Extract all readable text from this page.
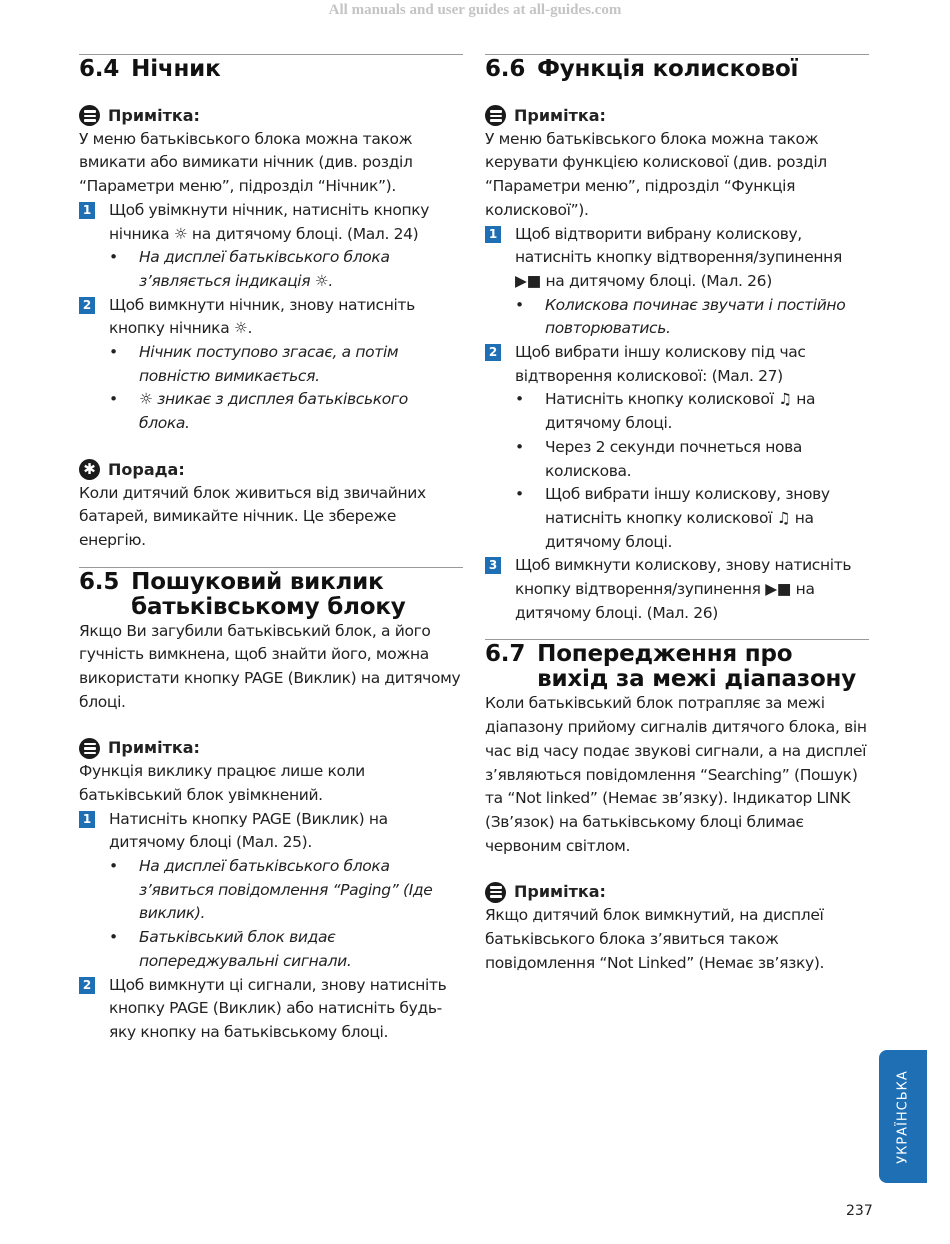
All manuals and user guides at all-guides.com
6.4 Нічник
Примітка:

У меню батьківського блока можна також вмикати або вимикати нічник (див. розділ “Параметри меню”, підрозділ “Нічник”).

1 Щоб увімкнути нічник, натисніть кнопку нічника ☼ на дитячому блоці. (Мал. 24)

•	На дисплеї батьківського блока з’являється індикація ☼.
2 Щоб вимкнути нічник, знову натисніть кнопку нічника ☼.

•	Нічник поступово згасає, а потім повністю вимикається.
•	☼ зникає з дисплея батьківського блока.
✱ Порада:

Коли дитячий блок живиться від звичайних батарей, вимикайте нічник. Це збереже енергію.

6.5 Пошуковий виклик батьківському блоку

Якщо Ви загубили батьківський блок, а його гучність вимкнена, щоб знайти його, можна використати кнопку PAGE (Виклик) на дитячому блоці.

Примітка:

Функція виклику працює лише коли батьківський блок увімкнений.

1 Натисніть кнопку PAGE (Виклик) на дитячому блоці (Мал. 25).

•	На дисплеї батьківського блока з’явиться повідомлення “Paging” (Іде виклик).
•	Батьківський блок видає попереджувальні сигнали.
2 Щоб вимкнути ці сигнали, знову натисніть кнопку PAGE (Виклик) або натисніть будь-яку кнопку на батьківському блоці.

6.6 Функція колискової
Примітка:

У меню батьківського блока можна також керувати функцією колискової (див. розділ “Параметри меню”, підрозділ “Функція колискової”).

1 Щоб відтворити вибрану колискову, натисніть кнопку відтворення/зупинення ▶■ на дитячому блоці. (Мал. 26)

•	Колискова починає звучати і постійно повторюватись.
2 Щоб вибрати іншу колискову під час відтворення колискової: (Мал. 27)

•	Натисніть кнопку колискової ♫ на дитячому блоці.
•	Через 2 секунди почнеться нова колискова.
•	Щоб вибрати іншу колискову, знову натисніть кнопку колискової ♫ на дитячому блоці.
3 Щоб вимкнути колискову, знову натисніть кнопку відтворення/зупинення ▶■ на дитячому блоці. (Мал. 26)

6.7 Попередження про вихід за межі діапазону

Коли батьківський блок потрапляє за межі діапазону прийому сигналів дитячого блока, він час від часу подає звукові сигнали, а на дисплеї з’являються повідомлення “Searching” (Пошук) та “Not linked” (Немає зв’язку). Індикатор LINK (Зв’язок) на батьківському блоці блимає червоним світлом.

Примітка:

Якщо дитячий блок вимкнутий, на дисплеї батьківського блока з’явиться також повідомлення “Not Linked” (Немає зв’язку).

УКРАЇНСЬКА
237
